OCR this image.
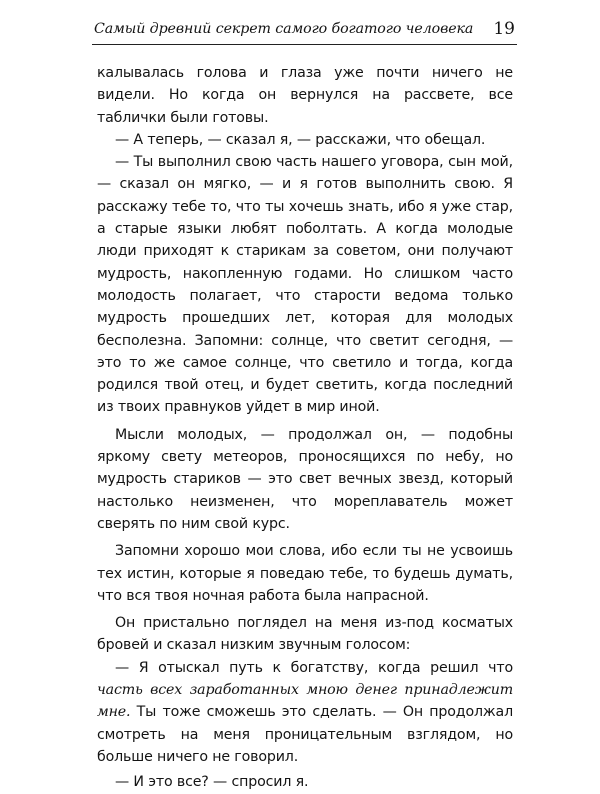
Самый древний секрет самого богатого человека 19

калывалась голова и глаза уже почти ничего не видели. Но когда он вернулся на рассвете, все таблички были готовы.

— А теперь, — сказал я, — расскажи, что обещал.

— Ты выполнил свою часть нашего уговора, сын мой, — сказал он мягко, — и я готов выполнить свою. Я расскажу тебе то, что ты хочешь знать, ибо я уже стар, а старые языки любят поболтать. А когда молодые люди приходят к старикам за советом, они получают мудрость, накопленную годами. Но слишком часто молодость полагает, что старости ведома только мудрость прошедших лет, которая для молодых бесполезна. Запомни: солнце, что светит сегодня, — это то же самое солнце, что светило и тогда, когда родился твой отец, и будет светить, когда последний из твоих правнуков уйдет в мир иной.

Мысли молодых, — продолжал он, — подобны яркому свету метеоров, проносящихся по небу, но мудрость стариков — это свет вечных звезд, который настолько неизменен, что мореплаватель может сверять по ним свой курс.

Запомни хорошо мои слова, ибо если ты не усвоишь тех истин, которые я поведаю тебе, то будешь думать, что вся твоя ночная работа была напрасной.

Он пристально поглядел на меня из-под косматых бровей и сказал низким звучным голосом:

— Я отыскал путь к богатству, когда решил что часть всех заработанных мною денег принадлежит мне. Ты тоже сможешь это сделать. — Он продолжал смотреть на меня проницательным взглядом, но больше ничего не говорил.

— И это все? — спросил я.
